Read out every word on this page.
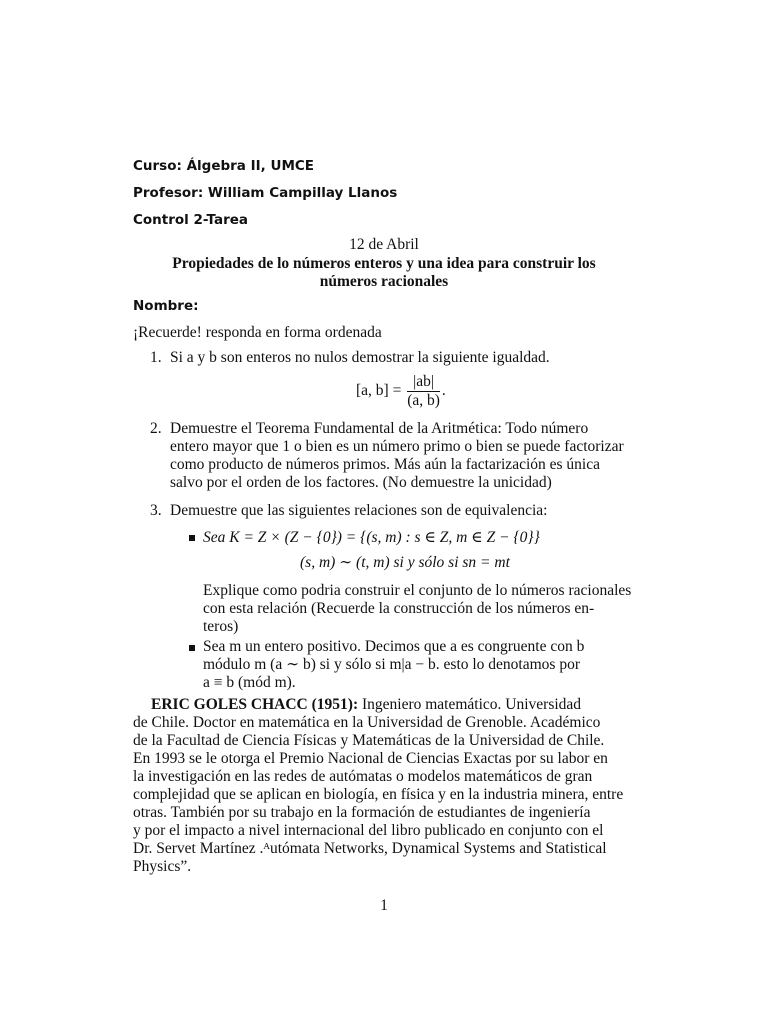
Curso: Álgebra II, UMCE
Profesor: William Campillay Llanos
Control 2-Tarea
12 de Abril
Propiedades de lo números enteros y una idea para construir los
números racionales
Nombre:
¡Recuerde! responda en forma ordenada
1. Si a y b son enteros no nulos demostrar la siguiente igualdad.
[a, $b] = \frac{|ab|}{(a, b)}$ .
2. Demuestre el Teorema Fundamental de la Aritmética: Todo número
entero mayor que 1 o bien es un número primo o bien se puede factorizar
como producto de números primos. Más aún la factarización es única
salvo por el orden de los factores. (No demuestre la unicidad)
3. Demuestre que las siguientes relaciones son de equivalencia:
Sea K = Z × (Z − {0}) = {(s, m) : s ∈ Z, m ∈ Z − {0}}
(s, m) ∼ (t, m) si y sólo si sn = mt
Explique como podria construir el conjunto de lo números racionales
con esta relación (Recuerde la construcción de los números en-
teros)
Sea m un entero positivo. Decimos que a es congruente con b
módulo m (a ∼ b) si y sólo si m|a − b. esto lo denotamos por
a ≡ b (mód m).
ERIC GOLES CHACC (1951): Ingeniero matemático. Universidad
de Chile. Doctor en matemática en la Universidad de Grenoble. Académico
de la Facultad de Ciencia Físicas y Matemáticas de la Universidad de Chile.
En 1993 se le otorga el Premio Nacional de Ciencias Exactas por su labor en
la investigación en las redes de autómatas o modelos matemáticos de gran
complejidad que se aplican en biología, en física y en la industria minera, entre
otras. También por su trabajo en la formación de estudiantes de ingeniería
y por el impacto a nivel internacional del libro publicado en conjunto con el
Dr. Servet Martínez .ᴬutómata Networks, Dynamical Systems and Statistical
Physics”.
1
